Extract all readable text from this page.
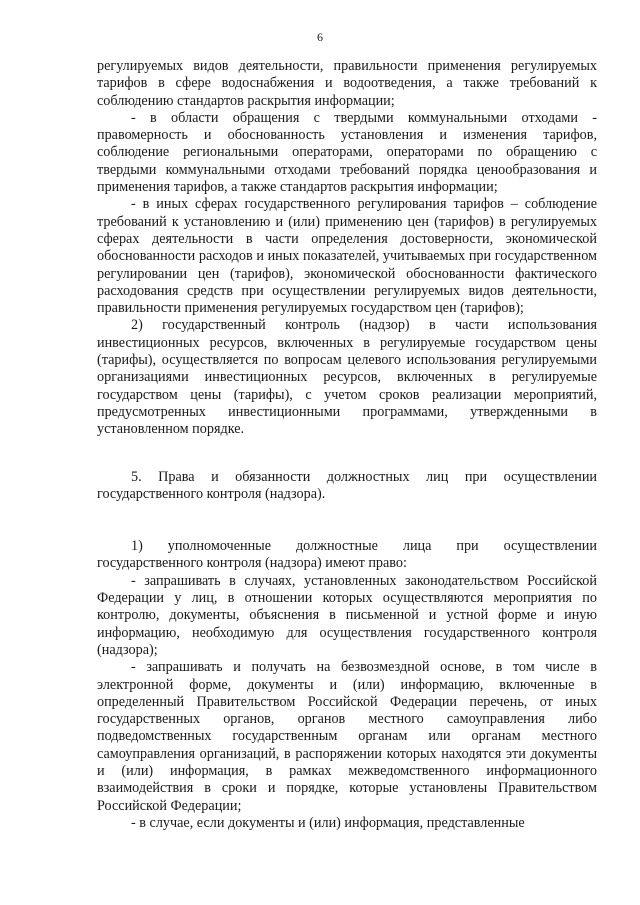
6

регулируемых видов деятельности, правильности применения регулируемых тарифов в сфере водоснабжения и водоотведения, а также требований к соблюдению стандартов раскрытия информации;

- в области обращения с твердыми коммунальными отходами - правомерность и обоснованность установления и изменения тарифов, соблюдение региональными операторами, операторами по обращению с твердыми коммунальными отходами требований порядка ценообразования и применения тарифов, а также стандартов раскрытия информации;

- в иных сферах государственного регулирования тарифов – соблюдение требований к установлению и (или) применению цен (тарифов) в регулируемых сферах деятельности в части определения достоверности, экономической обоснованности расходов и иных показателей, учитываемых при государственном регулировании цен (тарифов), экономической обоснованности фактического расходования средств при осуществлении регулируемых видов деятельности, правильности применения регулируемых государством цен (тарифов);

2) государственный контроль (надзор) в части использования инвестиционных ресурсов, включенных в регулируемые государством цены (тарифы), осуществляется по вопросам целевого использования регулируемыми организациями инвестиционных ресурсов, включенных в регулируемые государством цены (тарифы), с учетом сроков реализации мероприятий, предусмотренных инвестиционными программами, утвержденными в установленном порядке.

5. Права и обязанности должностных лиц при осуществлении государственного контроля (надзора).

1) уполномоченные должностные лица при осуществлении государственного контроля (надзора) имеют право:

- запрашивать в случаях, установленных законодательством Российской Федерации у лиц, в отношении которых осуществляются мероприятия по контролю, документы, объяснения в письменной и устной форме и иную информацию, необходимую для осуществления государственного контроля (надзора);

- запрашивать и получать на безвозмездной основе, в том числе в электронной форме, документы и (или) информацию, включенные в определенный Правительством Российской Федерации перечень, от иных государственных органов, органов местного самоуправления либо подведомственных государственным органам или органам местного самоуправления организаций, в распоряжении которых находятся эти документы и (или) информация, в рамках межведомственного информационного взаимодействия в сроки и порядке, которые установлены Правительством Российской Федерации;

- в случае, если документы и (или) информация, представленные
